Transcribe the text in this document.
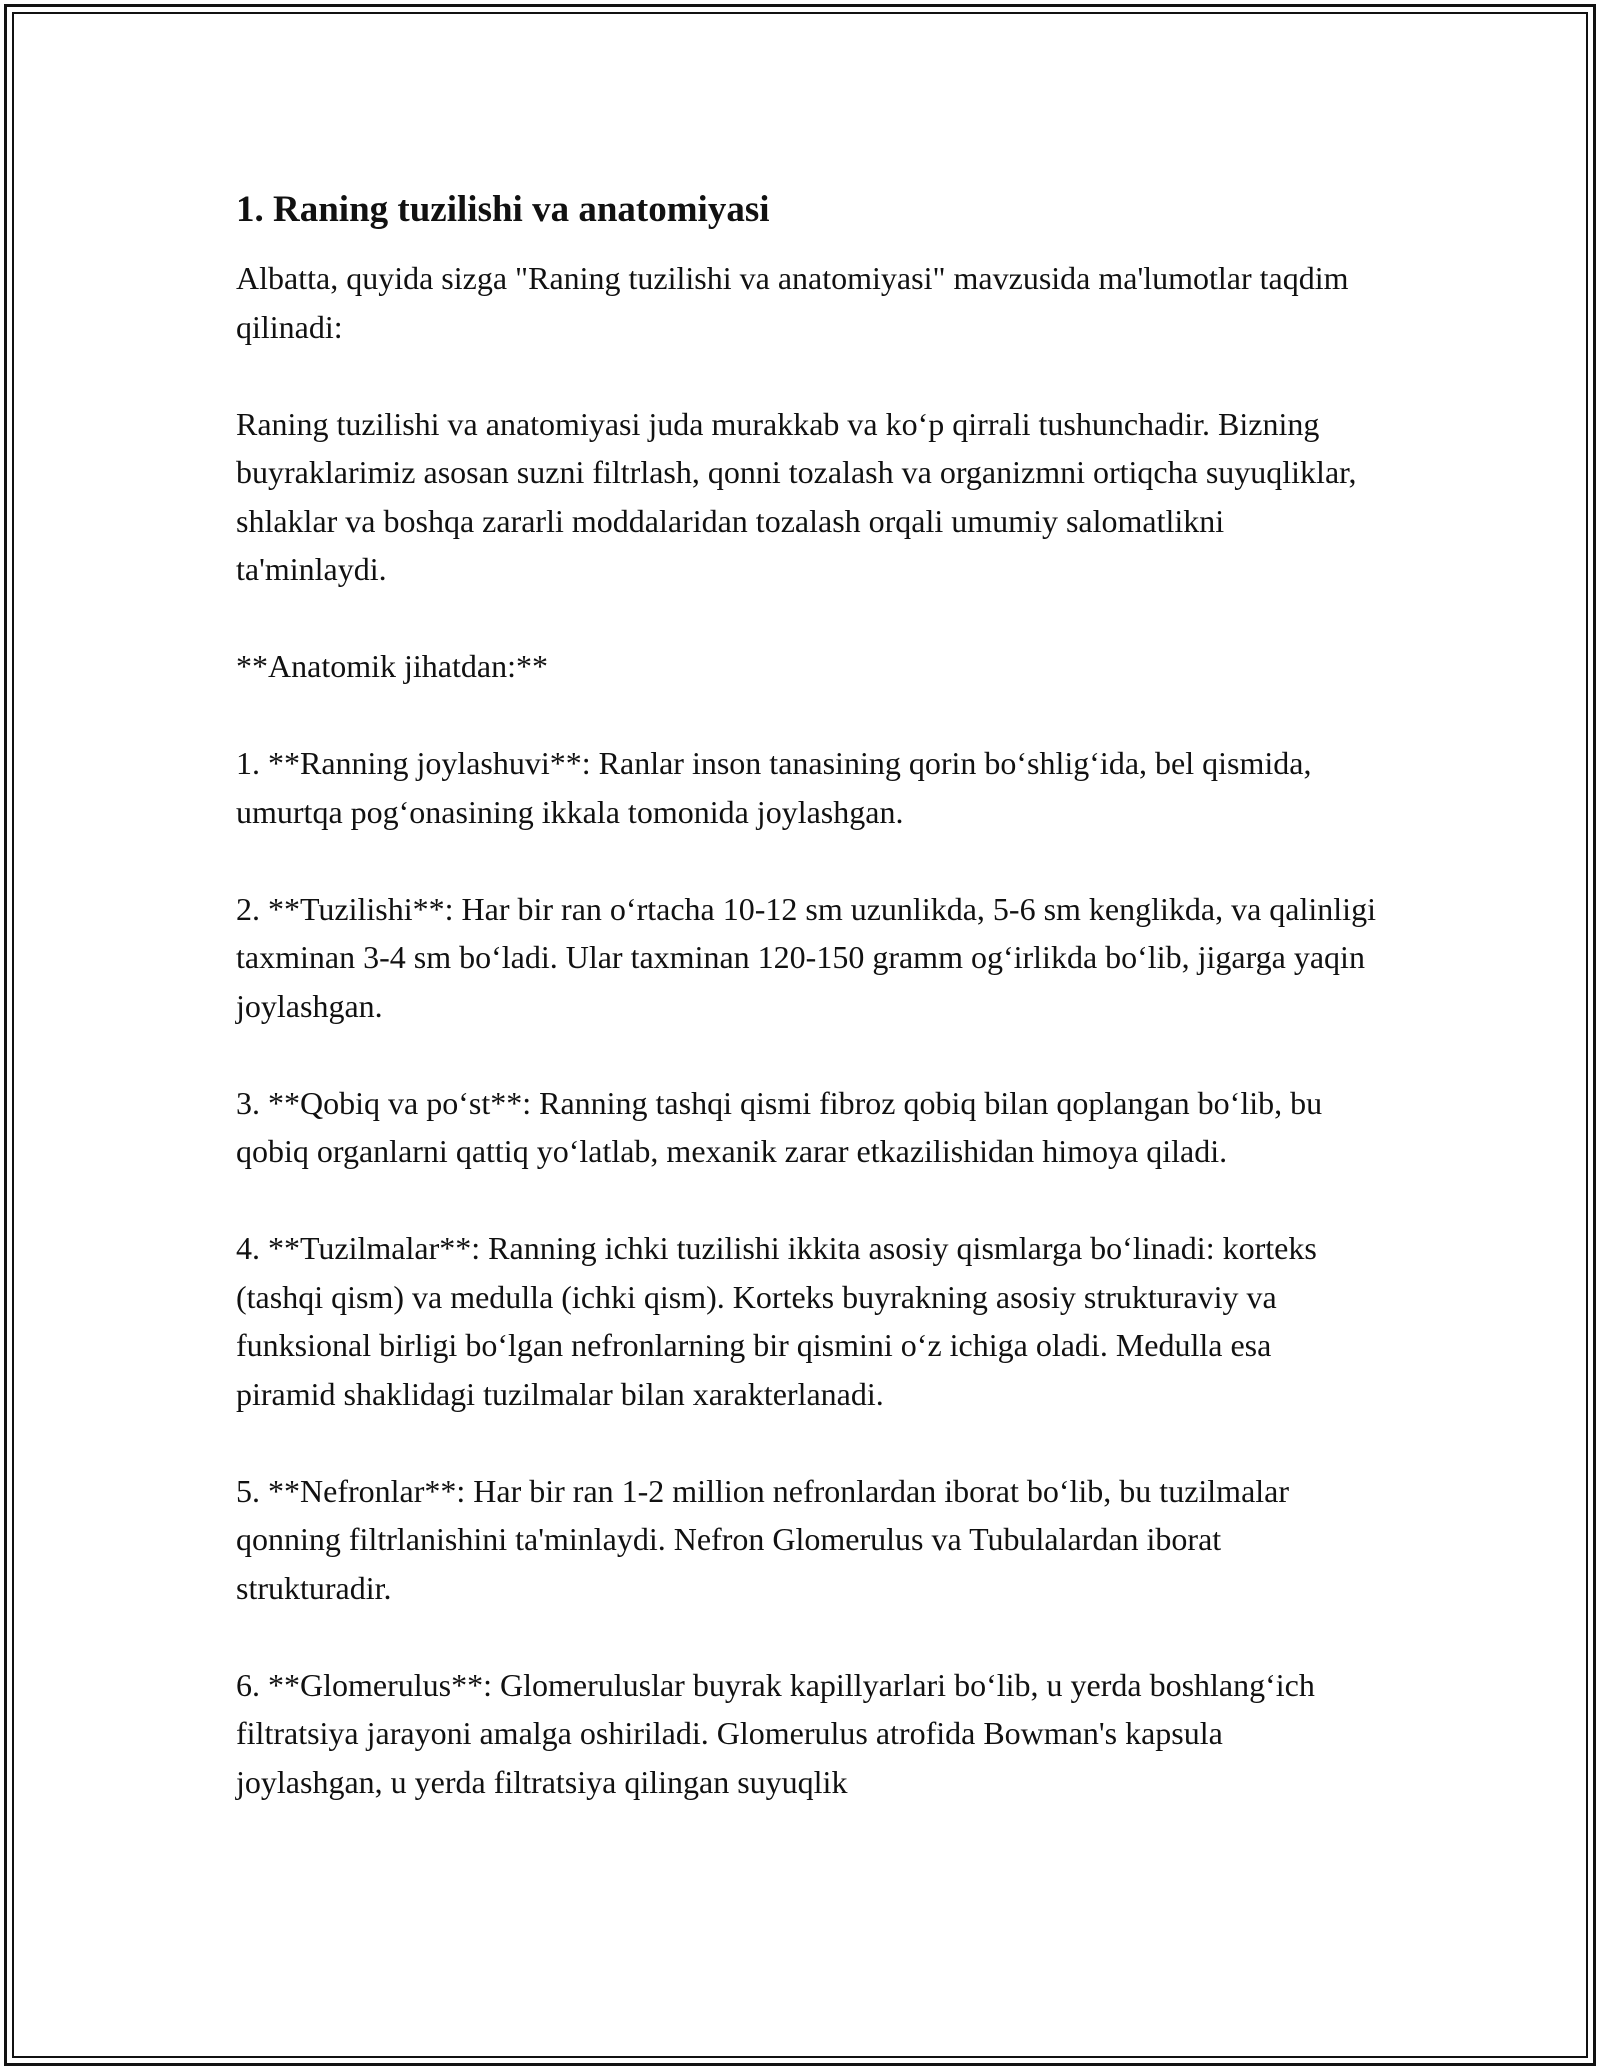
1. Raning tuzilishi va anatomiyasi

Albatta, quyida sizga "Raning tuzilishi va anatomiyasi" mavzusida ma'lumotlar taqdim qilinadi:

Raning tuzilishi va anatomiyasi juda murakkab va koʻp qirrali tushunchadir. Bizning buyraklarimiz asosan suzni filtrlash, qonni tozalash va organizmni ortiqcha suyuqliklar, shlaklar va boshqa zararli moddalaridan tozalash orqali umumiy salomatlikni ta'minlaydi.

**Anatomik jihatdan:**

1. **Ranning joylashuvi**: Ranlar inson tanasining qorin boʻshligʻida, bel qismida, umurtqa pogʻonasining ikkala tomonida joylashgan.

2. **Tuzilishi**: Har bir ran oʻrtacha 10-12 sm uzunlikda, 5-6 sm kenglikda, va qalinligi taxminan 3-4 sm boʻladi. Ular taxminan 120-150 gramm ogʻirlikda boʻlib, jigarga yaqin joylashgan.

3. **Qobiq va poʻst**: Ranning tashqi qismi fibroz qobiq bilan qoplangan boʻlib, bu qobiq organlarni qattiq yoʻlatlab, mexanik zarar etkazilishidan himoya qiladi.

4. **Tuzilmalar**: Ranning ichki tuzilishi ikkita asosiy qismlarga boʻlinadi: korteks (tashqi qism) va medulla (ichki qism). Korteks buyrakning asosiy strukturaviy va funksional birligi boʻlgan nefronlarning bir qismini oʻz ichiga oladi. Medulla esa piramid shaklidagi tuzilmalar bilan xarakterlanadi.

5. **Nefronlar**: Har bir ran 1-2 million nefronlardan iborat boʻlib, bu tuzilmalar qonning filtrlanishini ta'minlaydi. Nefron Glomerulus va Tubulalardan iborat strukturadir.

6. **Glomerulus**: Glomeruluslar buyrak kapillyarlari boʻlib, u yerda boshlangʻich filtratsiya jarayoni amalga oshiriladi. Glomerulus atrofida Bowman's kapsula joylashgan, u yerda filtratsiya qilingan suyuqlik
